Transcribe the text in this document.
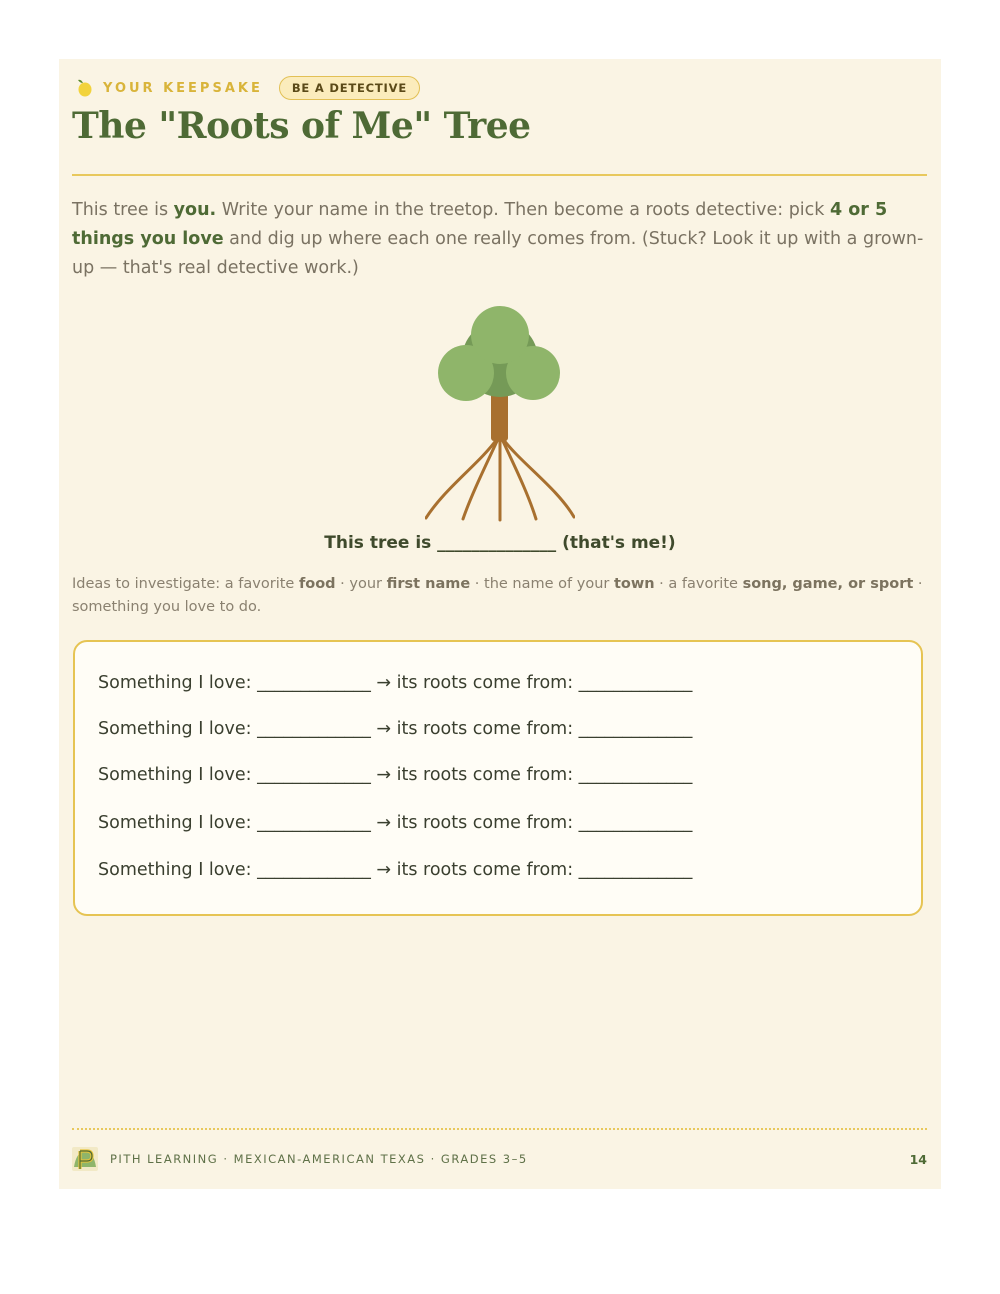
YOUR KEEPSAKE	BE A DETECTIVE
The "Roots of Me" Tree

This tree is you. Write your name in the treetop. Then become a roots detective: pick 4 or 5 things you love and dig up where each one really comes from. (Stuck? Look it up with a grown-up — that's real detective work.)

This tree is ______________ (that's me!)

Ideas to investigate: a favorite food · your first name · the name of your town · a favorite song, game, or sport · something you love to do.

Something I love: _____________ → its roots come from: _____________
Something I love: _____________ → its roots come from: _____________
Something I love: _____________ → its roots come from: _____________
Something I love: _____________ → its roots come from: _____________
Something I love: _____________ → its roots come from: _____________
PITH LEARNING · MEXICAN-AMERICAN TEXAS · GRADES 3–5	14
